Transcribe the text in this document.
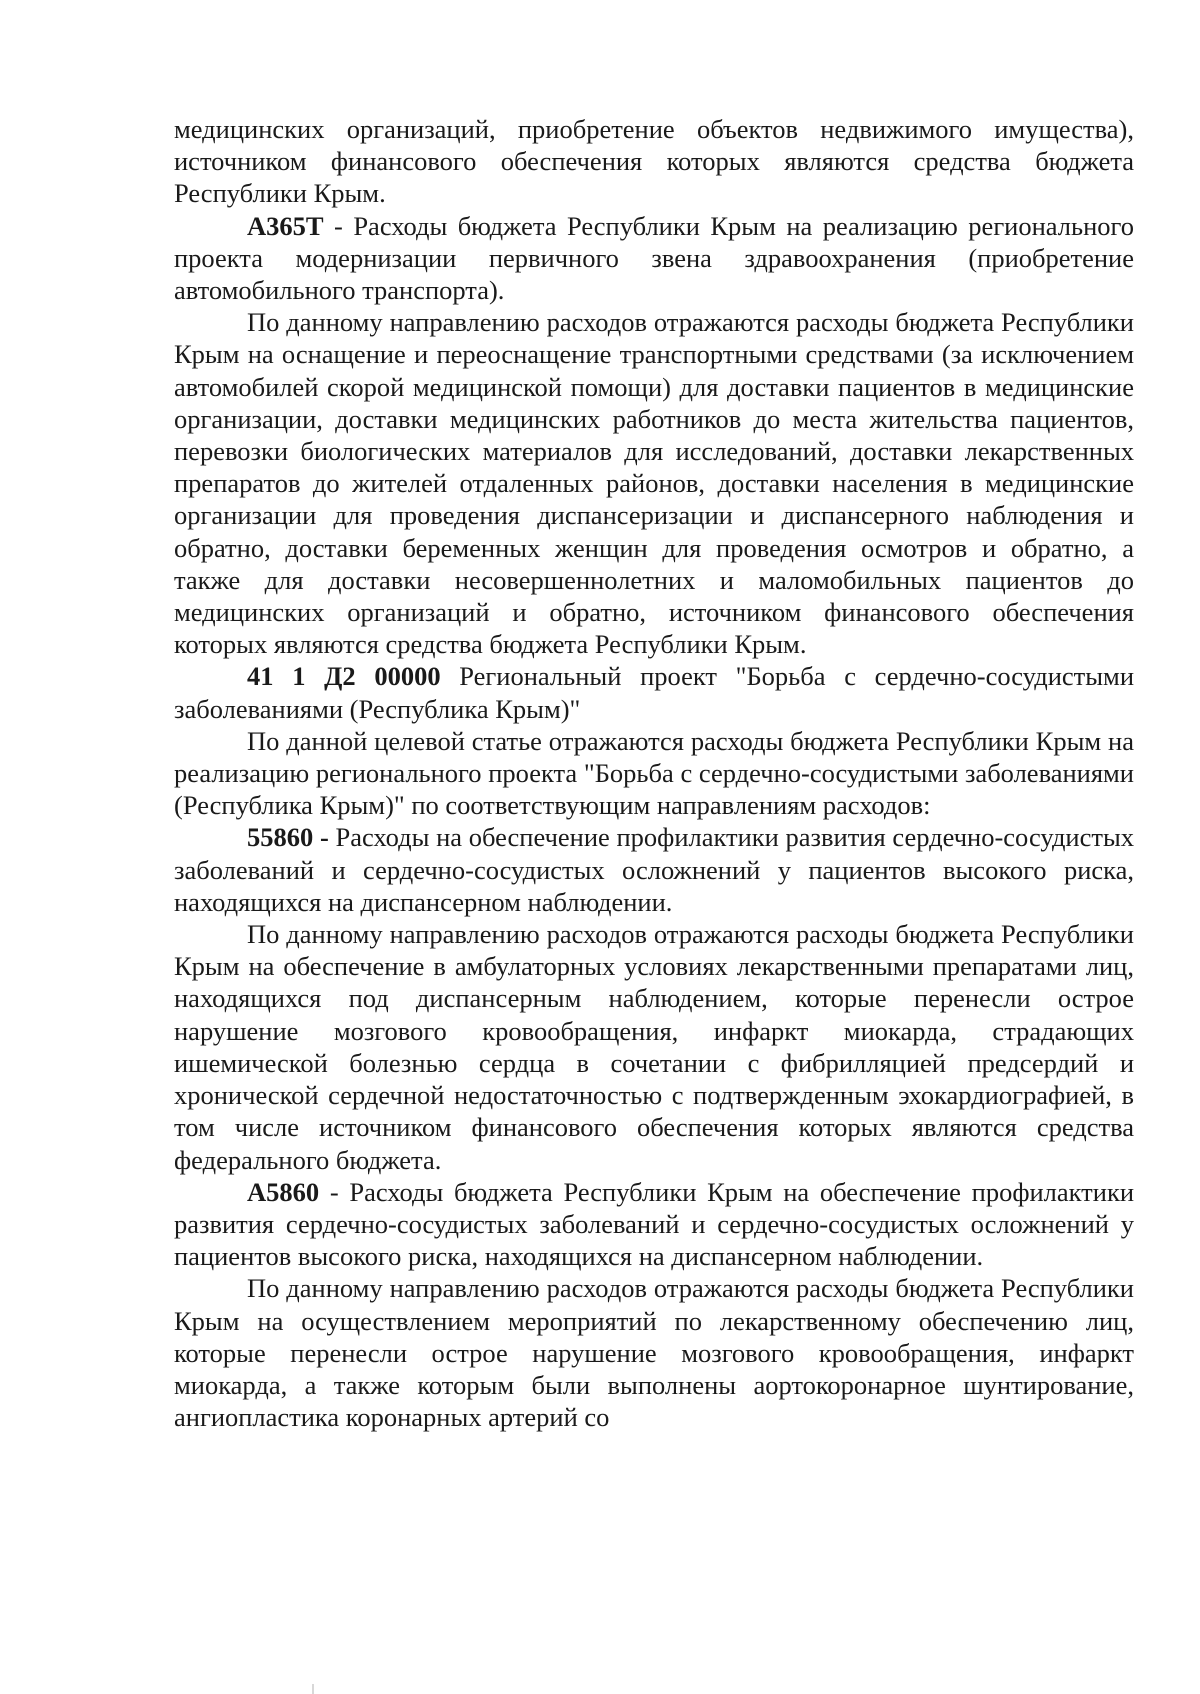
медицинских организаций, приобретение объектов недвижимого имущества), источником финансового обеспечения которых являются средства бюджета Республики Крым.

А365Т - Расходы бюджета Республики Крым на реализацию регионального проекта модернизации первичного звена здравоохранения (приобретение автомобильного транспорта).

По данному направлению расходов отражаются расходы бюджета Республики Крым на оснащение и переоснащение транспортными средствами (за исключением автомобилей скорой медицинской помощи) для доставки пациентов в медицинские организации, доставки медицинских работников до места жительства пациентов, перевозки биологических материалов для исследований, доставки лекарственных препаратов до жителей отдаленных районов, доставки населения в медицинские организации для проведения диспансеризации и диспансерного наблюдения и обратно, доставки беременных женщин для проведения осмотров и обратно, а также для доставки несовершеннолетних и маломобильных пациентов до медицинских организаций и обратно, источником финансового обеспечения которых являются средства бюджета Республики Крым.

41 1 Д2 00000 Региональный проект "Борьба с сердечно-сосудистыми заболеваниями (Республика Крым)"

По данной целевой статье отражаются расходы бюджета Республики Крым на реализацию регионального проекта "Борьба с сердечно-сосудистыми заболеваниями (Республика Крым)" по соответствующим направлениям расходов:

55860 - Расходы на обеспечение профилактики развития сердечно-сосудистых заболеваний и сердечно-сосудистых осложнений у пациентов высокого риска, находящихся на диспансерном наблюдении.

По данному направлению расходов отражаются расходы бюджета Республики Крым на обеспечение в амбулаторных условиях лекарственными препаратами лиц, находящихся под диспансерным наблюдением, которые перенесли острое нарушение мозгового кровообращения, инфаркт миокарда, страдающих ишемической болезнью сердца в сочетании с фибрилляцией предсердий и хронической сердечной недостаточностью с подтвержденным эхокардиографией, в том числе источником финансового обеспечения которых являются средства федерального бюджета.

А5860 - Расходы бюджета Республики Крым на обеспечение профилактики развития сердечно-сосудистых заболеваний и сердечно-сосудистых осложнений у пациентов высокого риска, находящихся на диспансерном наблюдении.

По данному направлению расходов отражаются расходы бюджета Республики Крым на осуществлением мероприятий по лекарственному обеспечению лиц, которые перенесли острое нарушение мозгового кровообращения, инфаркт миокарда, а также которым были выполнены аортокоронарное шунтирование, ангиопластика коронарных артерий со
